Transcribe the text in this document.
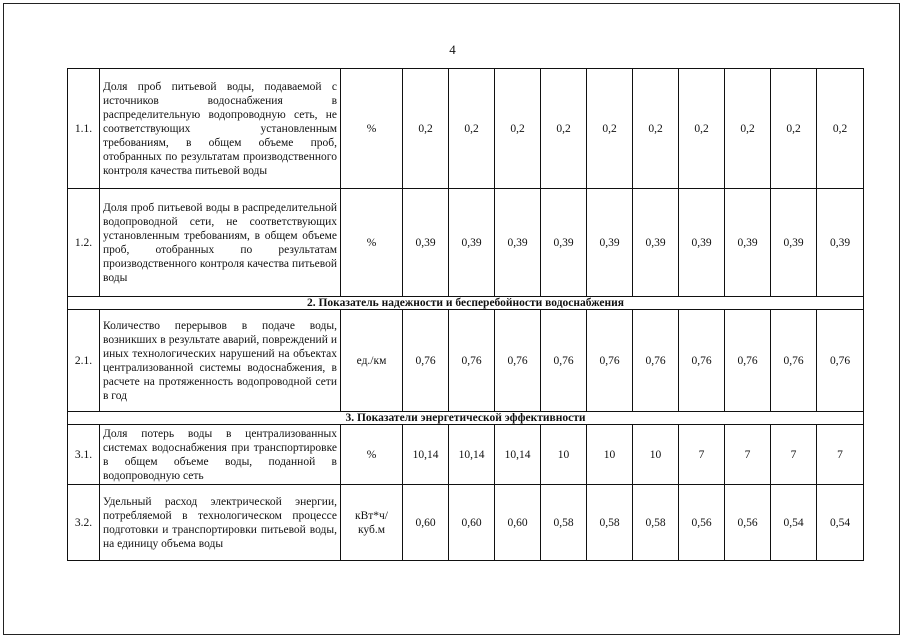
4
1.1.	Доля проб питьевой воды, подаваемой с источников водоснабжения в распределительную водопроводную сеть, не соответствующих установленным требованиям, в общем объеме проб, отобранных по результатам производственного контроля качества питьевой воды	%	0,2	0,2	0,2	0,2	0,2	0,2	0,2	0,2	0,2	0,2
1.2.	Доля проб питьевой воды в распределительной водопроводной сети, не соответствующих установленным требованиям, в общем объеме проб, отобранных по результатам производственного контроля качества питьевой воды	%	0,39	0,39	0,39	0,39	0,39	0,39	0,39	0,39	0,39	0,39
2. Показатель надежности и бесперебойности водоснабжения												
2.1.	Количество перерывов в подаче воды, возникших в результате аварий, повреждений и иных технологических нарушений на объектах централизованной системы водоснабжения, в расчете на протяженность водопроводной сети в год	ед./км	0,76	0,76	0,76	0,76	0,76	0,76	0,76	0,76	0,76	0,76
3. Показатели энергетической эффективности												
3.1.	Доля потерь воды в централизованных системах водоснабжения при транспортировке в общем объеме воды, поданной в водопроводную сеть	%	10,14	10,14	10,14	10	10	10	7	7	7	7
3.2.	Удельный расход электрической энергии, потребляемой в технологическом процессе подготовки и транспортировки питьевой воды, на единицу объема воды	кВт*ч/ куб.м	0,60	0,60	0,60	0,58	0,58	0,58	0,56	0,56	0,54	0,54
